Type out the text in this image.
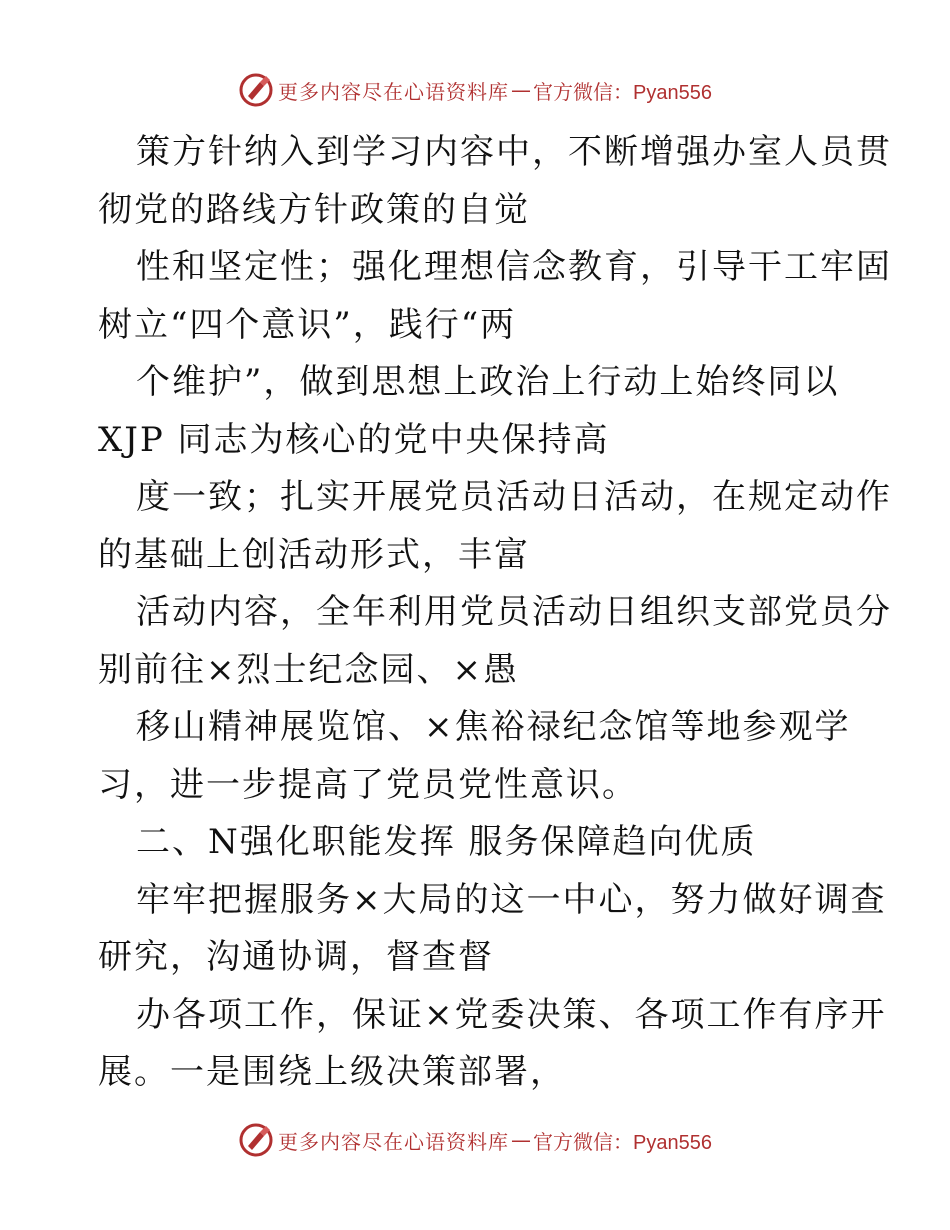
更多内容尽在心语资料库 — 官方微信：Pyan556
策方针纳入到学习内容中，不断增强办室人员贯
彻党的路线方针政策的自觉
性和坚定性；强化理想信念教育，引导干工牢固
树立“四个意识”，践行“两
个维护”，做到思想上政治上行动上始终同以
XJP 同志为核心的党中央保持高
度一致；扎实开展党员活动日活动，在规定动作
的基础上创活动形式，丰富
活动内容，全年利用党员活动日组织支部党员分
别前往×烈士纪念园、×愚
移山精神展览馆、×焦裕禄纪念馆等地参观学
习，进一步提高了党员党性意识。
二、N强化职能发挥 服务保障趋向优质
牢牢把握服务×大局的这一中心，努力做好调查
研究，沟通协调，督查督
办各项工作，保证×党委决策、各项工作有序开
展。一是围绕上级决策部署，
更多内容尽在心语资料库 — 官方微信：Pyan556
